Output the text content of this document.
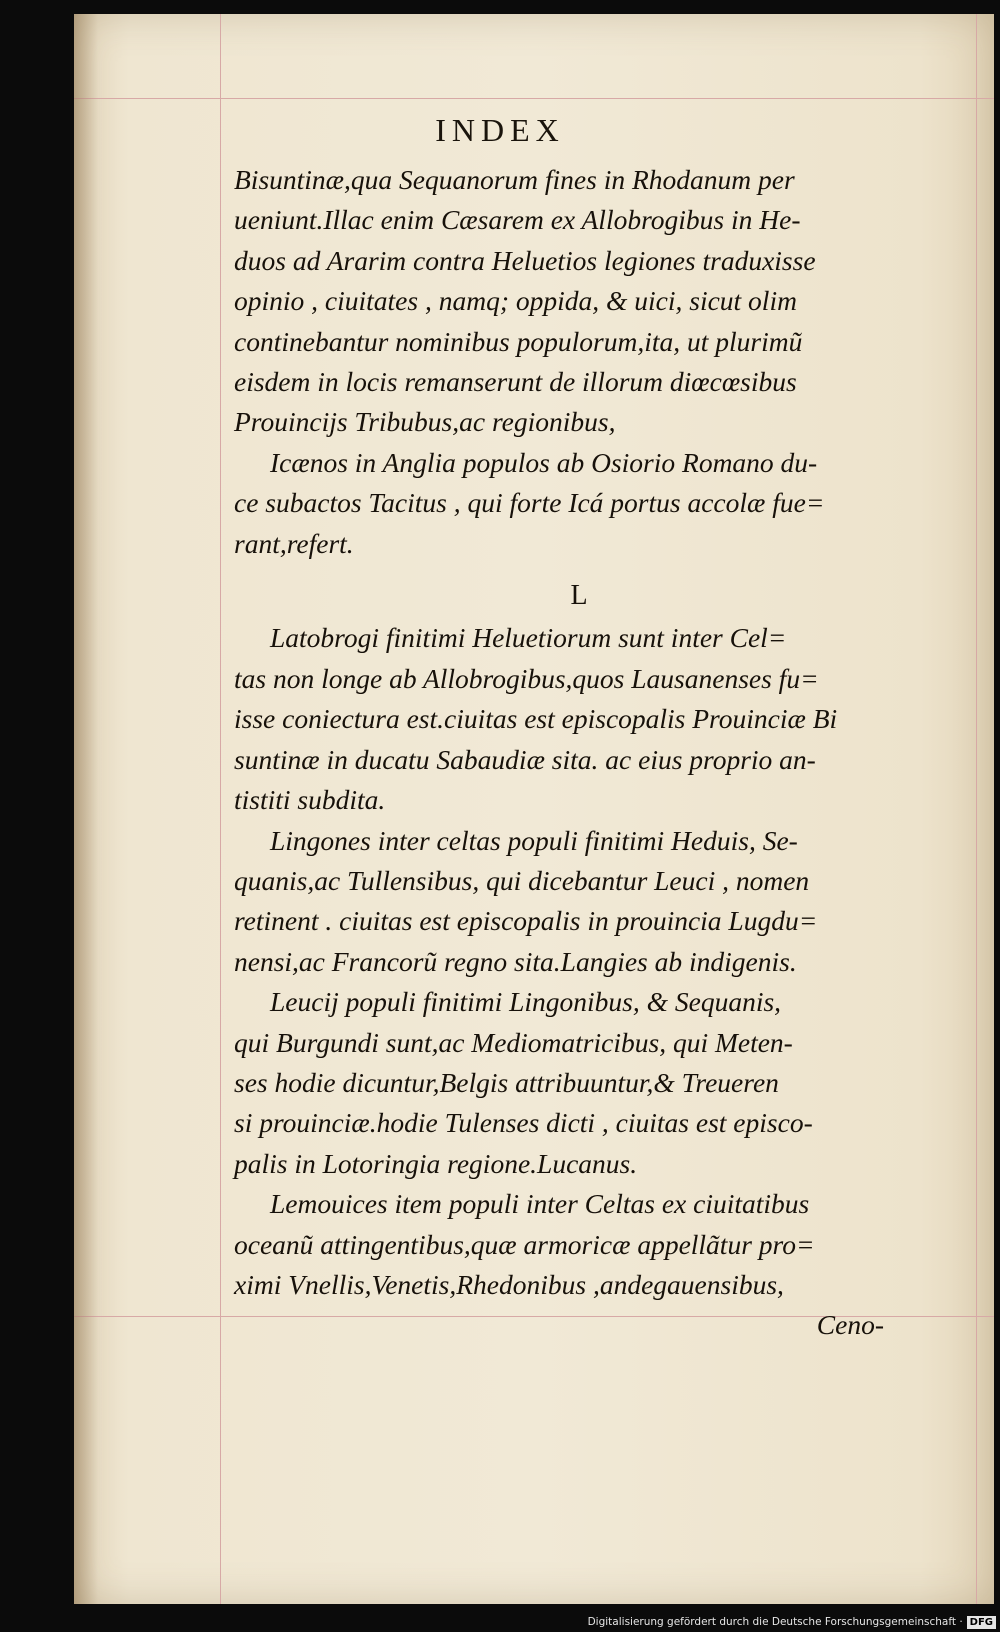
INDEX

Bisuntinæ,qua Sequanorum fines in Rhodanum per
ueniunt.Illac enim Cæsarem ex Allobrogibus in He-
duos ad Ararim contra Heluetios legiones traduxisse
opinio , ciuitates , namq; oppida, & uici, sicut olim
continebantur nominibus populorum,ita, ut plurimũ
eisdem in locis remanserunt de illorum diœcœsibus
Prouincijs Tribubus,ac regionibus,

Icænos in Anglia populos ab Osiorio Romano du-
ce subactos Tacitus , qui forte Icá portus accolæ fue=
rant,refert.

L

Latobrogi finitimi Heluetiorum sunt inter Cel=
tas non longe ab Allobrogibus,quos Lausanenses fu=
isse coniectura est.ciuitas est episcopalis Prouinciæ Bi
suntinæ in ducatu Sabaudiæ sita. ac eius proprio an-
tistiti subdita.

Lingones inter celtas populi finitimi Heduis, Se-
quanis,ac Tullensibus, qui dicebantur Leuci , nomen
retinent . ciuitas est episcopalis in prouincia Lugdu=
nensi,ac Francorũ regno sita.Langies ab indigenis.

Leucij populi finitimi Lingonibus, & Sequanis,
qui Burgundi sunt,ac Mediomatricibus, qui Meten-
ses hodie dicuntur,Belgis attribuuntur,& Treueren
si prouinciæ.hodie Tulenses dicti , ciuitas est episco-
palis in Lotoringia regione.Lucanus.

Lemouices item populi inter Celtas ex ciuitatibus
oceanũ attingentibus,quæ armoricæ appellãtur pro=
ximi Vnellis,Venetis,Rhedonibus ,andegauensibus,

Ceno-
Digitalisierung gefördert durch die Deutsche Forschungsgemeinschaft · DFG
